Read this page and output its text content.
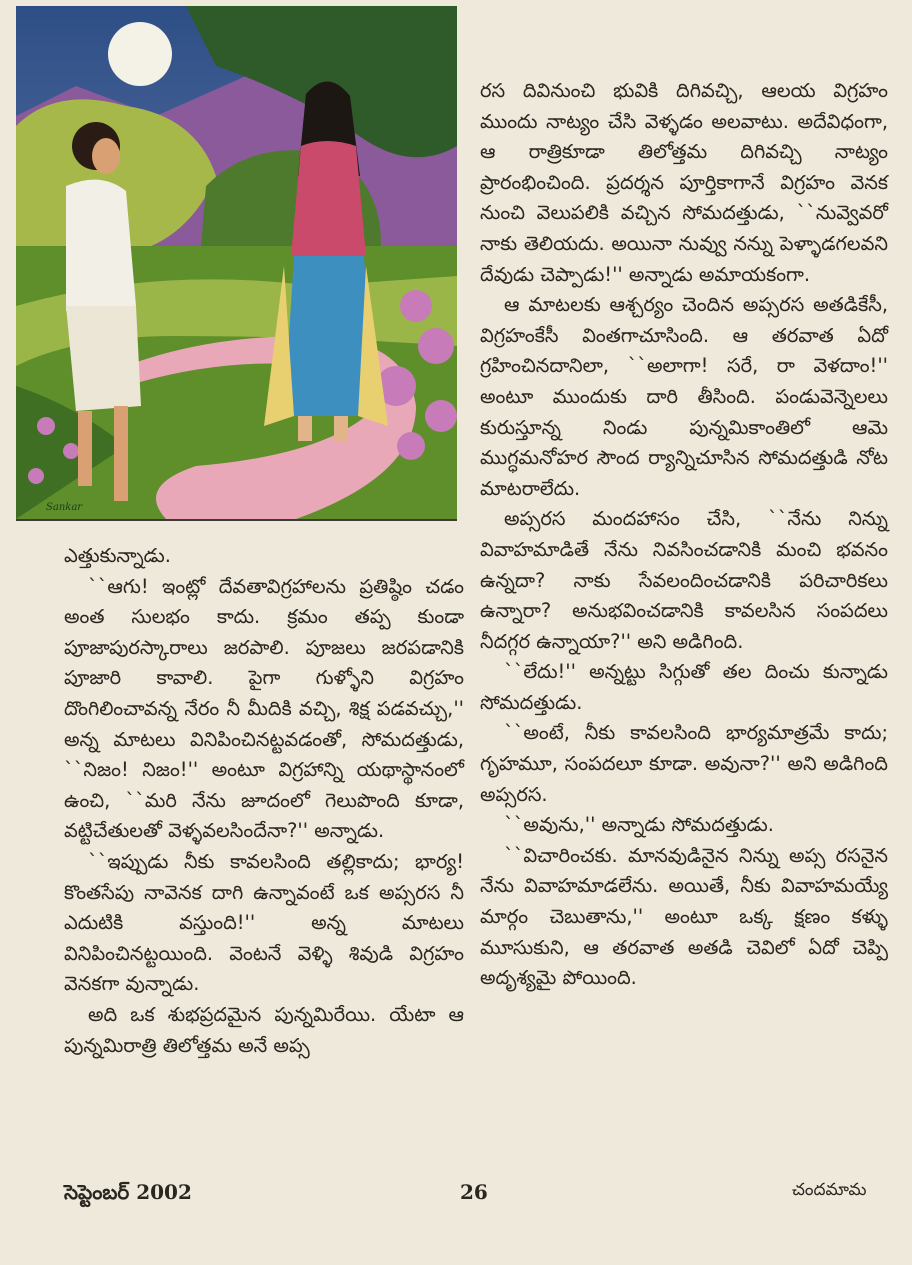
Sankar

ఎత్తుకున్నాడు.

``ఆగు! ఇంట్లో దేవతావిగ్రహాలను ప్రతిష్ఠిం చడం అంత సులభం కాదు. క్రమం తప్ప కుండా పూజాపురస్కారాలు జరపాలి. పూజలు జరపడానికి పూజారి కావాలి. పైగా గుళ్ళోని విగ్రహం దొంగిలించావన్న నేరం నీ మీదికి వచ్చి, శిక్ష పడవచ్చు,'' అన్న మాటలు వినిపించినట్టవడంతో, సోమదత్తుడు, ``నిజం! నిజం!'' అంటూ విగ్రహాన్ని యథాస్థానంలో ఉంచి, ``మరి నేను జూదంలో గెలుపొంది కూడా, వట్టిచేతులతో వెళ్ళవలసిందేనా?'' అన్నాడు.

``ఇప్పుడు నీకు కావలసింది తల్లికాదు; భార్య! కొంతసేపు నావెనక దాగి ఉన్నావంటే ఒక అప్సరస నీ ఎదుటికి వస్తుంది!'' అన్న మాటలు వినిపించినట్టయింది. వెంటనే వెళ్ళి శివుడి విగ్రహం వెనకగా వున్నాడు.

అది ఒక శుభప్రదమైన పున్నమిరేయి. యేటా ఆ పున్నమిరాత్రి తిలోత్తమ అనే అప్స

రస దివినుంచి భువికి దిగివచ్చి, ఆలయ విగ్రహం ముందు నాట్యం చేసి వెళ్ళడం అలవాటు. అదేవిధంగా, ఆ రాత్రికూడా తిలోత్తమ దిగివచ్చి నాట్యం ప్రారంభించింది. ప్రదర్శన పూర్తికాగానే విగ్రహం వెనక నుంచి వెలుపలికి వచ్చిన సోమదత్తుడు, ``నువ్వెవరో నాకు తెలియదు. అయినా నువ్వు నన్ను పెళ్ళాడగలవని దేవుడు చెప్పాడు!'' అన్నాడు అమాయకంగా.

ఆ మాటలకు ఆశ్చర్యం చెందిన అప్సరస అతడికేసీ, విగ్రహంకేసీ వింతగాచూసింది. ఆ తరవాత ఏదో గ్రహించినదానిలా, ``అలాగా! సరే, రా వెళదాం!'' అంటూ ముందుకు దారి తీసింది. పండువెన్నెలలు కురుస్తూన్న నిండు పున్నమికాంతిలో ఆమె ముగ్ధమనోహర సౌంద ర్యాన్నిచూసిన సోమదత్తుడి నోట మాటరాలేదు.

అప్సరస మందహాసం చేసి, ``నేను నిన్ను వివాహమాడితే నేను నివసించడానికి మంచి భవనం ఉన్నదా? నాకు సేవలందించడానికి పరిచారికలు ఉన్నారా? అనుభవించడానికి కావలసిన సంపదలు నీదగ్గర ఉన్నాయా?'' అని అడిగింది.

``లేదు!'' అన్నట్టు సిగ్గుతో తల దించు కున్నాడు సోమదత్తుడు.

``అంటే, నీకు కావలసింది భార్యమాత్రమే కాదు; గృహమూ, సంపదలూ కూడా. అవునా?'' అని అడిగింది అప్సరస.

``అవును,'' అన్నాడు సోమదత్తుడు.

``విచారించకు. మానవుడినైన నిన్ను అప్స రసనైన నేను వివాహమాడలేను. అయితే, నీకు వివాహమయ్యే మార్గం చెబుతాను,'' అంటూ ఒక్క క్షణం కళ్ళు మూసుకుని, ఆ తరవాత అతడి చెవిలో ఏదో చెప్పి అదృశ్యమై పోయింది.

సెప్టెంబర్ 2002	26	చందమామ
